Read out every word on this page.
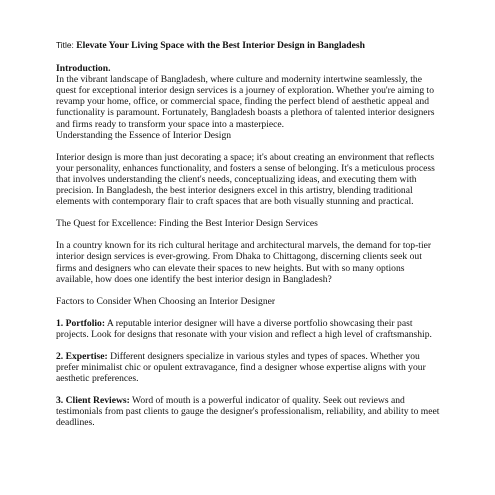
Title: Elevate Your Living Space with the Best Interior Design in Bangladesh
Introduction.

In the vibrant landscape of Bangladesh, where culture and modernity intertwine seamlessly, the quest for exceptional interior design services is a journey of exploration. Whether you're aiming to revamp your home, office, or commercial space, finding the perfect blend of aesthetic appeal and functionality is paramount. Fortunately, Bangladesh boasts a plethora of talented interior designers and firms ready to transform your space into a masterpiece.

Understanding the Essence of Interior Design

Interior design is more than just decorating a space; it's about creating an environment that reflects your personality, enhances functionality, and fosters a sense of belonging. It's a meticulous process that involves understanding the client's needs, conceptualizing ideas, and executing them with precision. In Bangladesh, the best interior designers excel in this artistry, blending traditional elements with contemporary flair to craft spaces that are both visually stunning and practical.

The Quest for Excellence: Finding the Best Interior Design Services

In a country known for its rich cultural heritage and architectural marvels, the demand for top-tier interior design services is ever-growing. From Dhaka to Chittagong, discerning clients seek out firms and designers who can elevate their spaces to new heights. But with so many options available, how does one identify the best interior design in Bangladesh?

Factors to Consider When Choosing an Interior Designer

1. Portfolio: A reputable interior designer will have a diverse portfolio showcasing their past projects. Look for designs that resonate with your vision and reflect a high level of craftsmanship.

2. Expertise: Different designers specialize in various styles and types of spaces. Whether you prefer minimalist chic or opulent extravagance, find a designer whose expertise aligns with your aesthetic preferences.

3. Client Reviews: Word of mouth is a powerful indicator of quality. Seek out reviews and testimonials from past clients to gauge the designer's professionalism, reliability, and ability to meet deadlines.
